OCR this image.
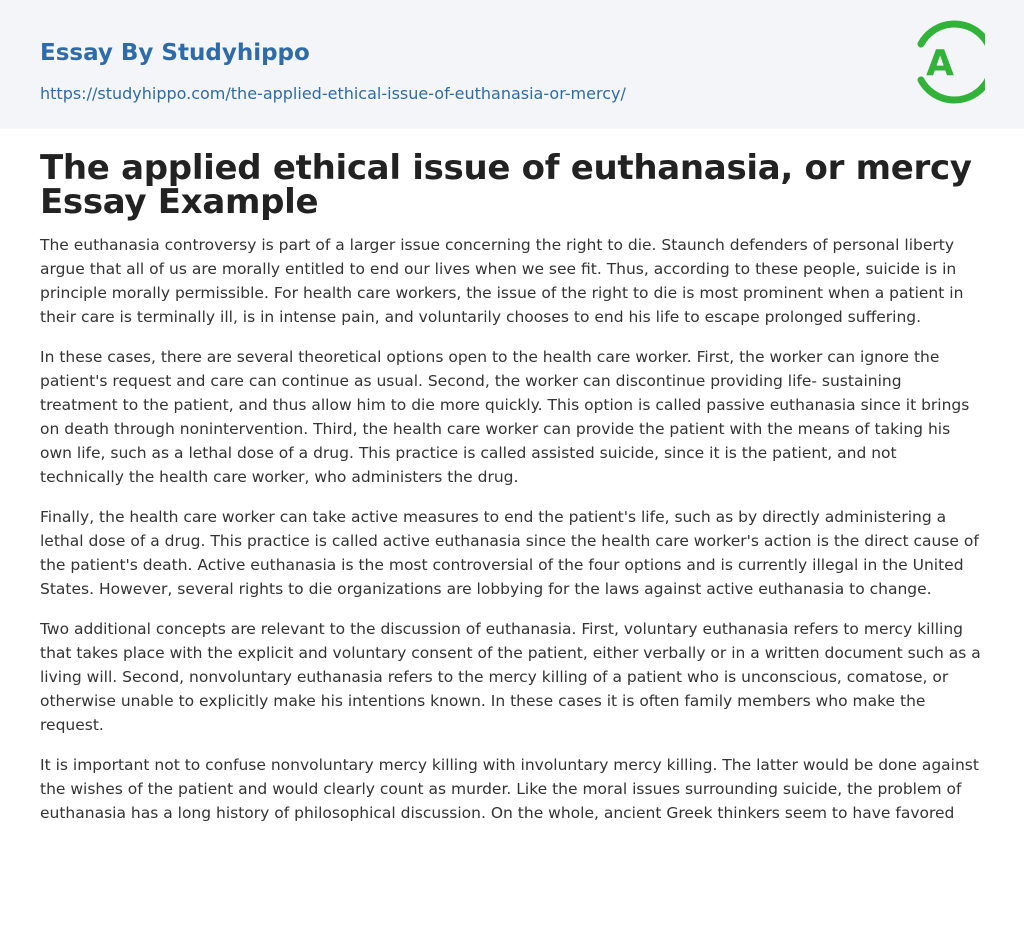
Essay By Studyhippo
https://studyhippo.com/the-applied-ethical-issue-of-euthanasia-or-mercy/
A
The applied ethical issue of euthanasia, or mercy Essay Example

The euthanasia controversy is part of a larger issue concerning the right to die. Staunch defenders of personal liberty argue that all of us are morally entitled to end our lives when we see fit. Thus, according to these people, suicide is in principle morally permissible. For health care workers, the issue of the right to die is most prominent when a patient in their care is terminally ill, is in intense pain, and voluntarily chooses to end his life to escape prolonged suffering.

In these cases, there are several theoretical options open to the health care worker. First, the worker can ignore the patient's request and care can continue as usual. Second, the worker can discontinue providing life- sustaining treatment to the patient, and thus allow him to die more quickly. This option is called passive euthanasia since it brings on death through nonintervention. Third, the health care worker can provide the patient with the means of taking his own life, such as a lethal dose of a drug. This practice is called assisted suicide, since it is the patient, and not technically the health care worker, who administers the drug.

Finally, the health care worker can take active measures to end the patient's life, such as by directly administering a lethal dose of a drug. This practice is called active euthanasia since the health care worker's action is the direct cause of the patient's death. Active euthanasia is the most controversial of the four options and is currently illegal in the United States. However, several rights to die organizations are lobbying for the laws against active euthanasia to change.

Two additional concepts are relevant to the discussion of euthanasia. First, voluntary euthanasia refers to mercy killing that takes place with the explicit and voluntary consent of the patient, either verbally or in a written document such as a living will. Second, nonvoluntary euthanasia refers to the mercy killing of a patient who is unconscious, comatose, or otherwise unable to explicitly make his intentions known. In these cases it is often family members who make the request.

It is important not to confuse nonvoluntary mercy killing with involuntary mercy killing. The latter would be done against the wishes of the patient and would clearly count as murder. Like the moral issues surrounding suicide, the problem of euthanasia has a long history of philosophical discussion. On the whole, ancient Greek thinkers seem to have favored
